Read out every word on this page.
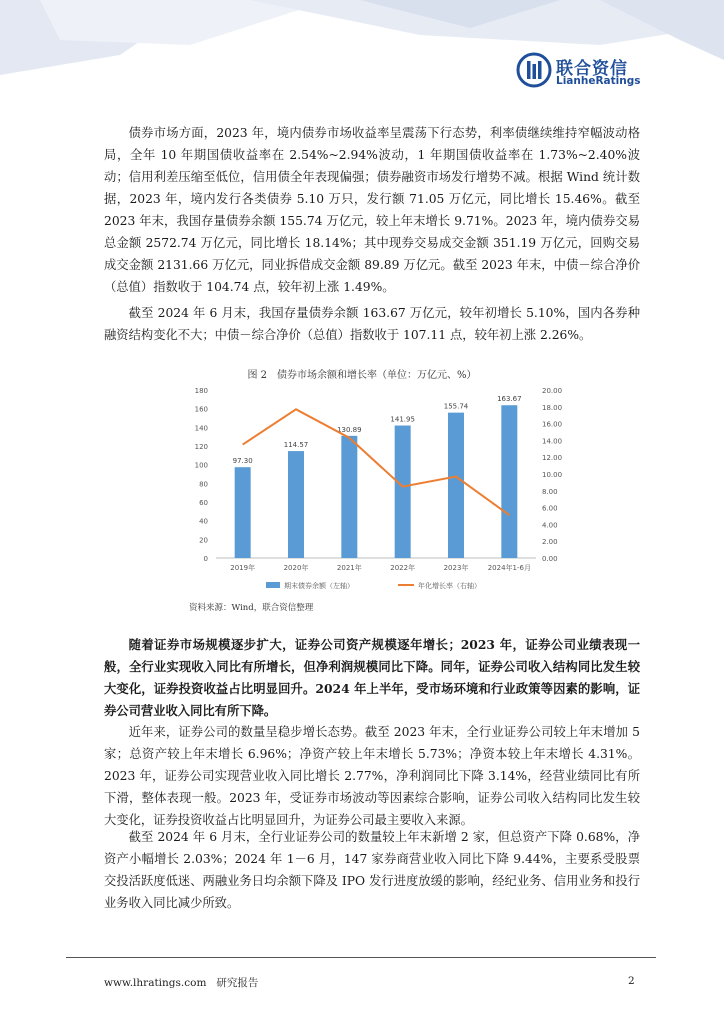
联合资信
LianheRatings

债券市场方面，2023 年，境内债券市场收益率呈震荡下行态势，利率债继续维持窄幅波动格局，全年 10 年期国债收益率在 2.54%~2.94%波动，1 年期国债收益率在 1.73%~2.40%波动；信用利差压缩至低位，信用债全年表现偏强；债券融资市场发行增势不减。根据 Wind 统计数据，2023 年，境内发行各类债券 5.10 万只，发行额 71.05 万亿元，同比增长 15.46%。截至 2023 年末，我国存量债券余额 155.74 万亿元，较上年末增长 9.71%。2023 年，境内债券交易总金额 2572.74 万亿元，同比增长 18.14%；其中现券交易成交金额 351.19 万亿元，回购交易成交金额 2131.66 万亿元，同业拆借成交金额 89.89 万亿元。截至 2023 年末，中债－综合净价（总值）指数收于 104.74 点，较年初上涨 1.49%。

截至 2024 年 6 月末，我国存量债券余额 163.67 万亿元，较年初增长 5.10%，国内各券种融资结构变化不大；中债－综合净价（总值）指数收于 107.11 点，较年初上涨 2.26%。

图 2　债券市场余额和增长率（单位：万亿元、%）
0
20
40
60
80
100
120
140
160
180
0.00
2.00
4.00
6.00
8.00
10.00
12.00
14.00
16.00
18.00
20.00
97.30
2019年
114.57
2020年
130.89
2021年
141.95
2022年
155.74
2023年
163.67
2024年1-6月
期末债券余额（左轴）	年化增长率（右轴）
资料来源：Wind，联合资信整理

随着证券市场规模逐步扩大，证券公司资产规模逐年增长；2023 年，证券公司业绩表现一般，全行业实现收入同比有所增长，但净利润规模同比下降。同年，证券公司收入结构同比发生较大变化，证券投资收益占比明显回升。2024 年上半年，受市场环境和行业政策等因素的影响，证券公司营业收入同比有所下降。

近年来，证券公司的数量呈稳步增长态势。截至 2023 年末，全行业证券公司较上年末增加 5 家；总资产较上年末增长 6.96%；净资产较上年末增长 5.73%；净资本较上年末增长 4.31%。2023 年，证券公司实现营业收入同比增长 2.77%，净利润同比下降 3.14%，经营业绩同比有所下滑，整体表现一般。2023 年，受证券市场波动等因素综合影响，证券公司收入结构同比发生较大变化，证券投资收益占比明显回升，为证券公司最主要收入来源。

截至 2024 年 6 月末，全行业证券公司的数量较上年末新增 2 家，但总资产下降 0.68%，净资产小幅增长 2.03%；2024 年 1－6 月，147 家券商营业收入同比下降 9.44%，主要系受股票交投活跃度低迷、两融业务日均余额下降及 IPO 发行进度放缓的影响，经纪业务、信用业务和投行业务收入同比减少所致。

www.lhratings.com 研究报告	2
